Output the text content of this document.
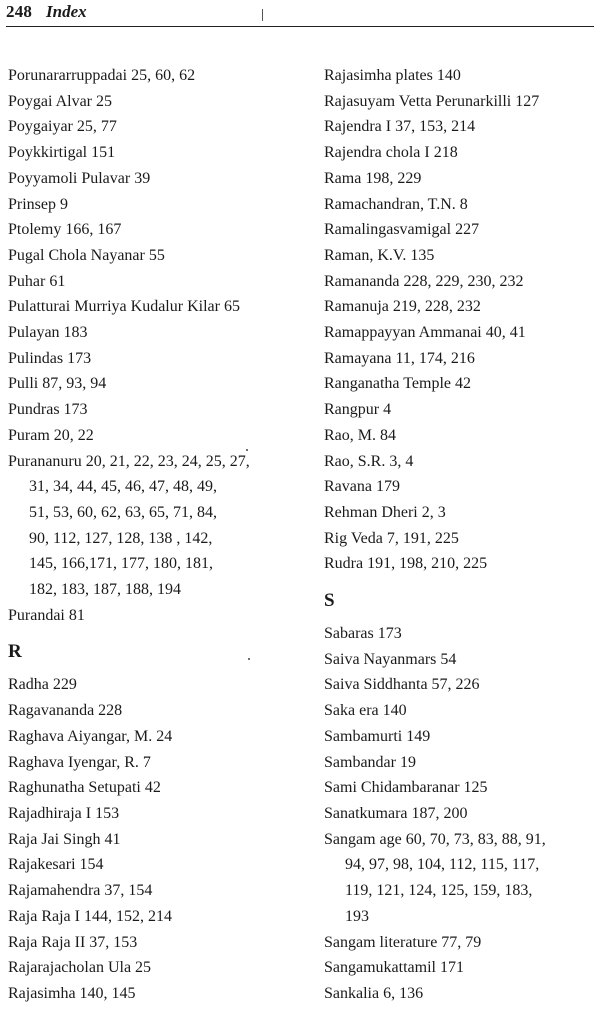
248 Index
Porunararruppadai 25, 60, 62
Poygai Alvar 25
Poygaiyar 25, 77
Poykkirtigal 151
Poyyamoli Pulavar 39
Prinsep 9
Ptolemy 166, 167
Pugal Chola Nayanar 55
Puhar 61
Pulatturai Murriya Kudalur Kilar 65
Pulayan 183
Pulindas 173
Pulli 87, 93, 94
Pundras 173
Puram 20, 22
Purananuru 20, 21, 22, 23, 24, 25, 27,
31, 34, 44, 45, 46, 47, 48, 49,
51, 53, 60, 62, 63, 65, 71, 84,
90, 112, 127, 128, 138 , 142,
145, 166,171, 177, 180, 181,
182, 183, 187, 188, 194
Purandai 81
R
Radha 229
Ragavananda 228
Raghava Aiyangar, M. 24
Raghava Iyengar, R. 7
Raghunatha Setupati 42
Rajadhiraja I 153
Raja Jai Singh 41
Rajakesari 154
Rajamahendra 37, 154
Raja Raja I 144, 152, 214
Raja Raja II 37, 153
Rajarajacholan Ula 25
Rajasimha 140, 145
Rajasimha plates 140
Rajasuyam Vetta Perunarkilli 127
Rajendra I 37, 153, 214
Rajendra chola I 218
Rama 198, 229
Ramachandran, T.N. 8
Ramalingasvamigal 227
Raman, K.V. 135
Ramananda 228, 229, 230, 232
Ramanuja 219, 228, 232
Ramappayyan Ammanai 40, 41
Ramayana 11, 174, 216
Ranganatha Temple 42
Rangpur 4
Rao, M. 84
Rao, S.R. 3, 4
Ravana 179
Rehman Dheri 2, 3
Rig Veda 7, 191, 225
Rudra 191, 198, 210, 225
S
Sabaras 173
Saiva Nayanmars 54
Saiva Siddhanta 57, 226
Saka era 140
Sambamurti 149
Sambandar 19
Sami Chidambaranar 125
Sanatkumara 187, 200
Sangam age 60, 70, 73, 83, 88, 91,
94, 97, 98, 104, 112, 115, 117,
119, 121, 124, 125, 159, 183,
193
Sangam literature 77, 79
Sangamukattamil 171
Sankalia 6, 136
